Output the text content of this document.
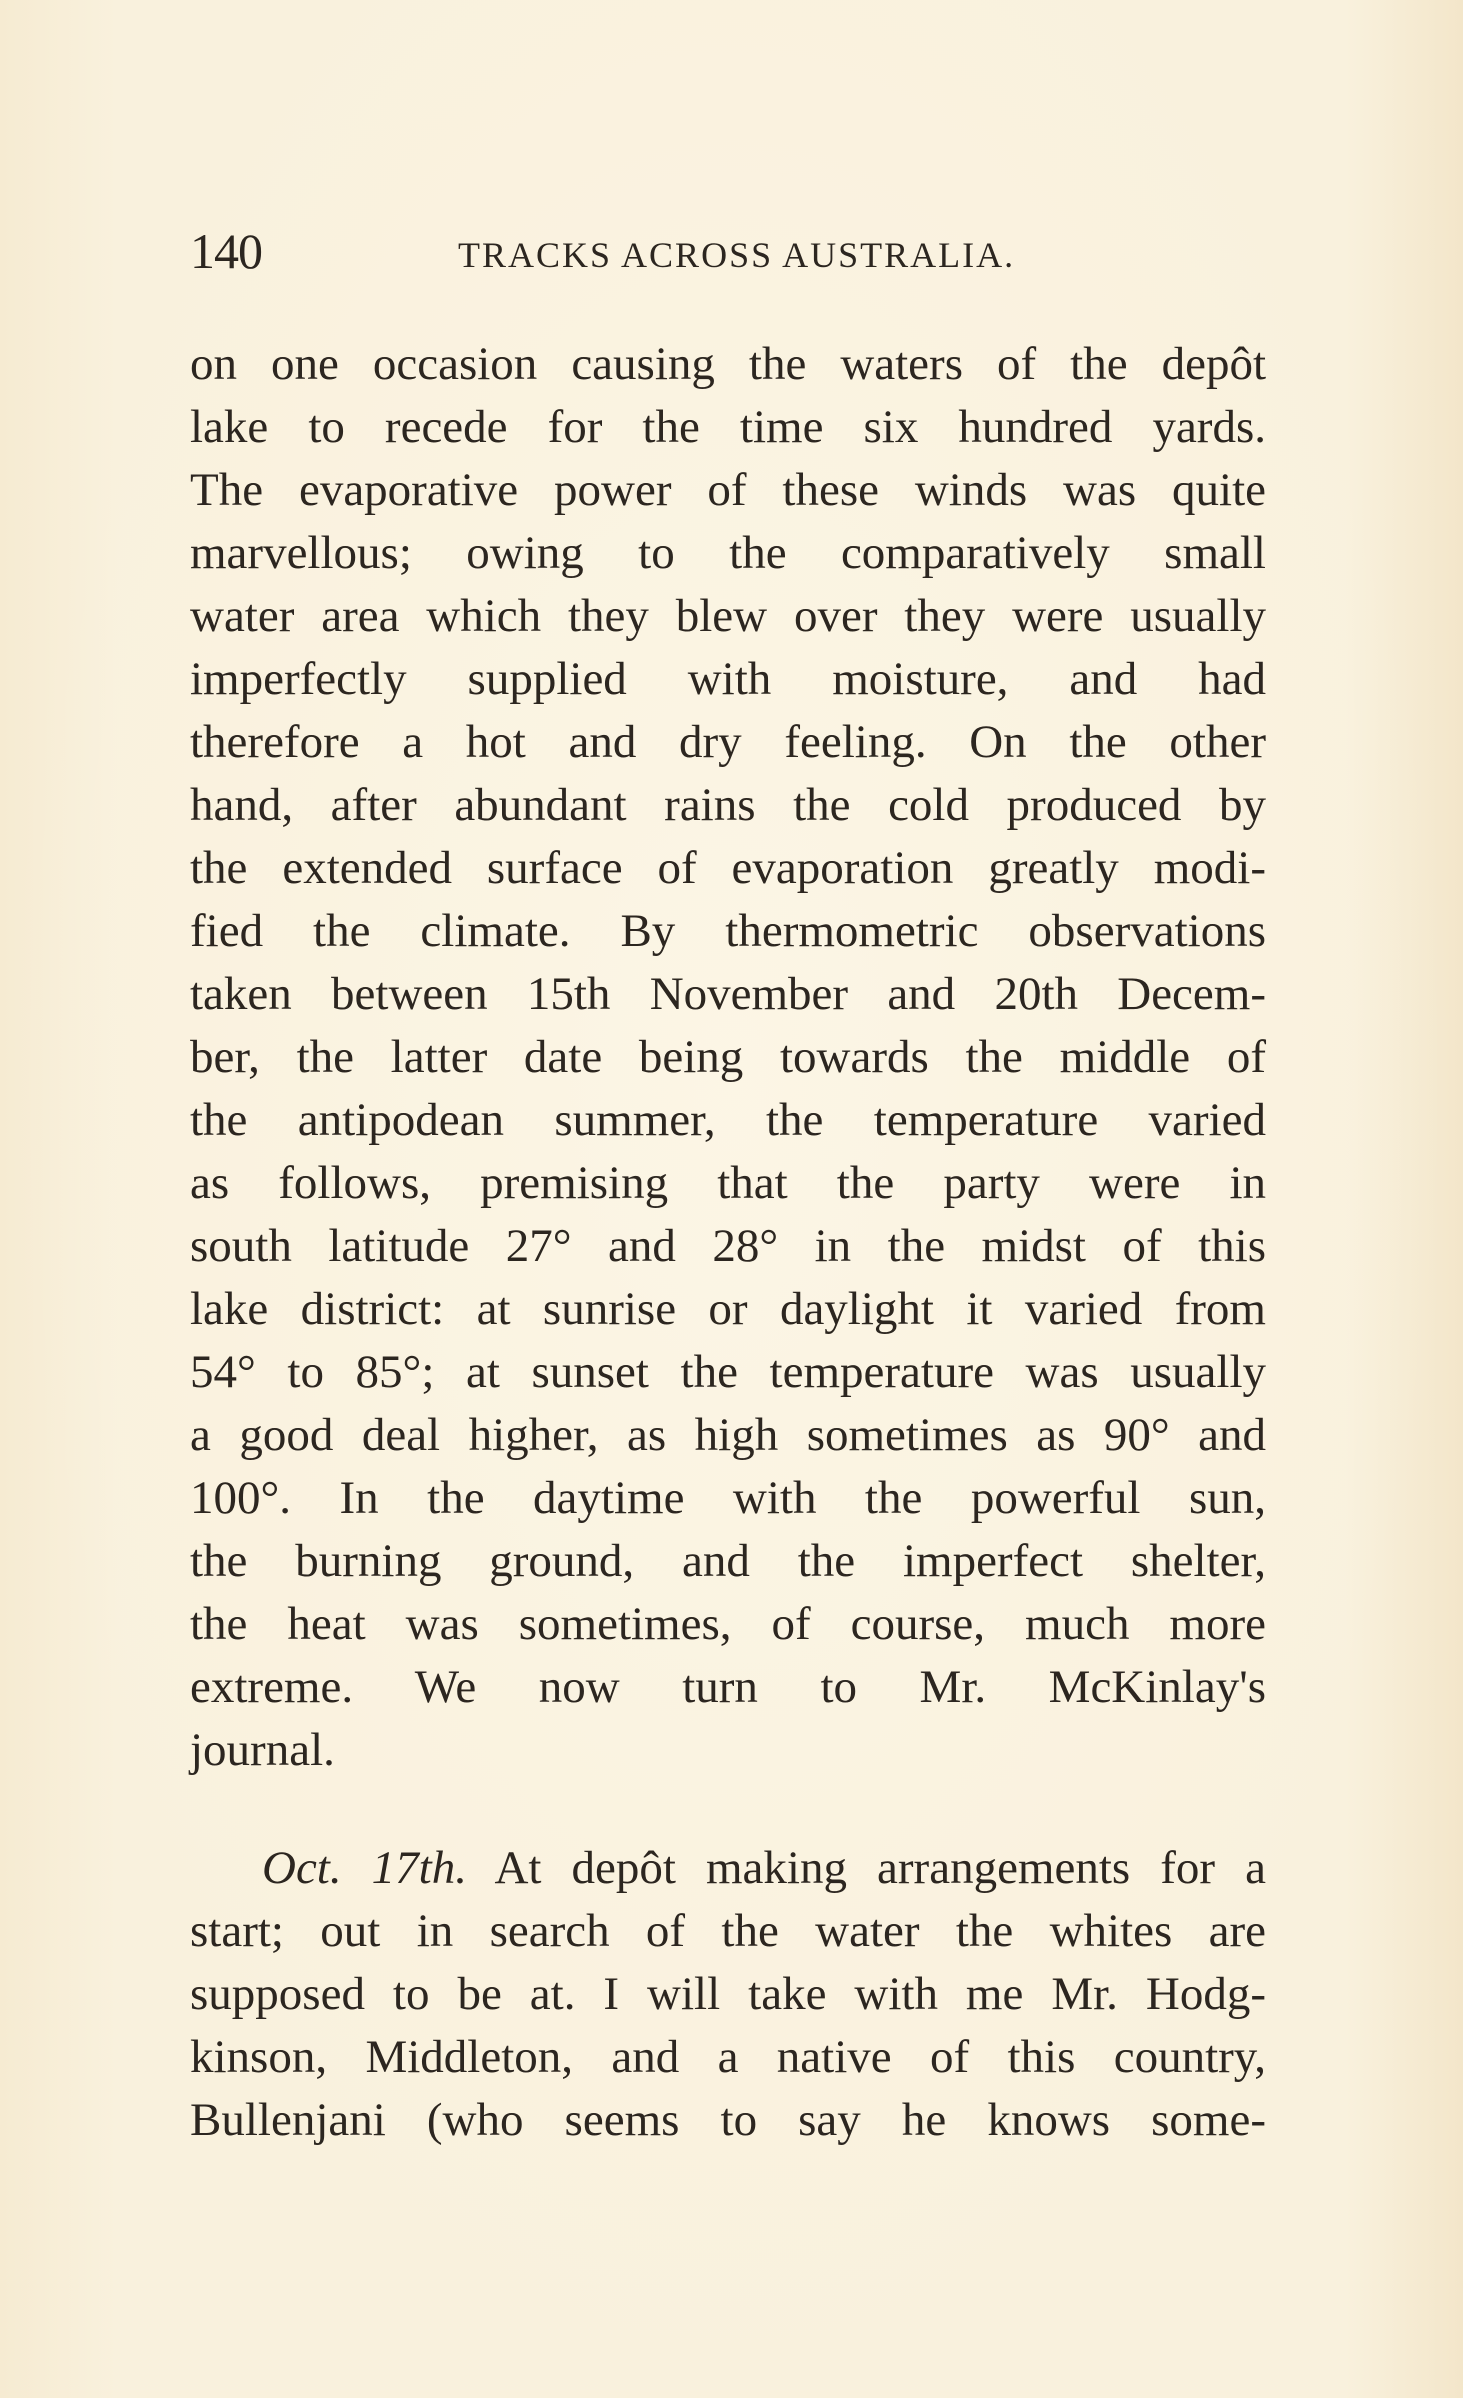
140	TRACKS ACROSS AUSTRALIA.
on one occasion causing the waters of the depôt
lake to recede for the time six hundred yards.
The evaporative power of these winds was quite
marvellous; owing to the comparatively small
water area which they blew over they were usually
imperfectly supplied with moisture, and had
therefore a hot and dry feeling. On the other
hand, after abundant rains the cold produced by
the extended surface of evaporation greatly modi-
fied the climate. By thermometric observations
taken between 15th November and 20th Decem-
ber, the latter date being towards the middle of
the antipodean summer, the temperature varied
as follows, premising that the party were in
south latitude 27° and 28° in the midst of this
lake district: at sunrise or daylight it varied from
54° to 85°; at sunset the temperature was usually
a good deal higher, as high sometimes as 90° and
100°. In the daytime with the powerful sun,
the burning ground, and the imperfect shelter,
the heat was sometimes, of course, much more
extreme. We now turn to Mr. McKinlay's
journal.
Oct. 17th. At depôt making arrangements for a
start; out in search of the water the whites are
supposed to be at. I will take with me Mr. Hodg-
kinson, Middleton, and a native of this country,
Bullenjani (who seems to say he knows some-
